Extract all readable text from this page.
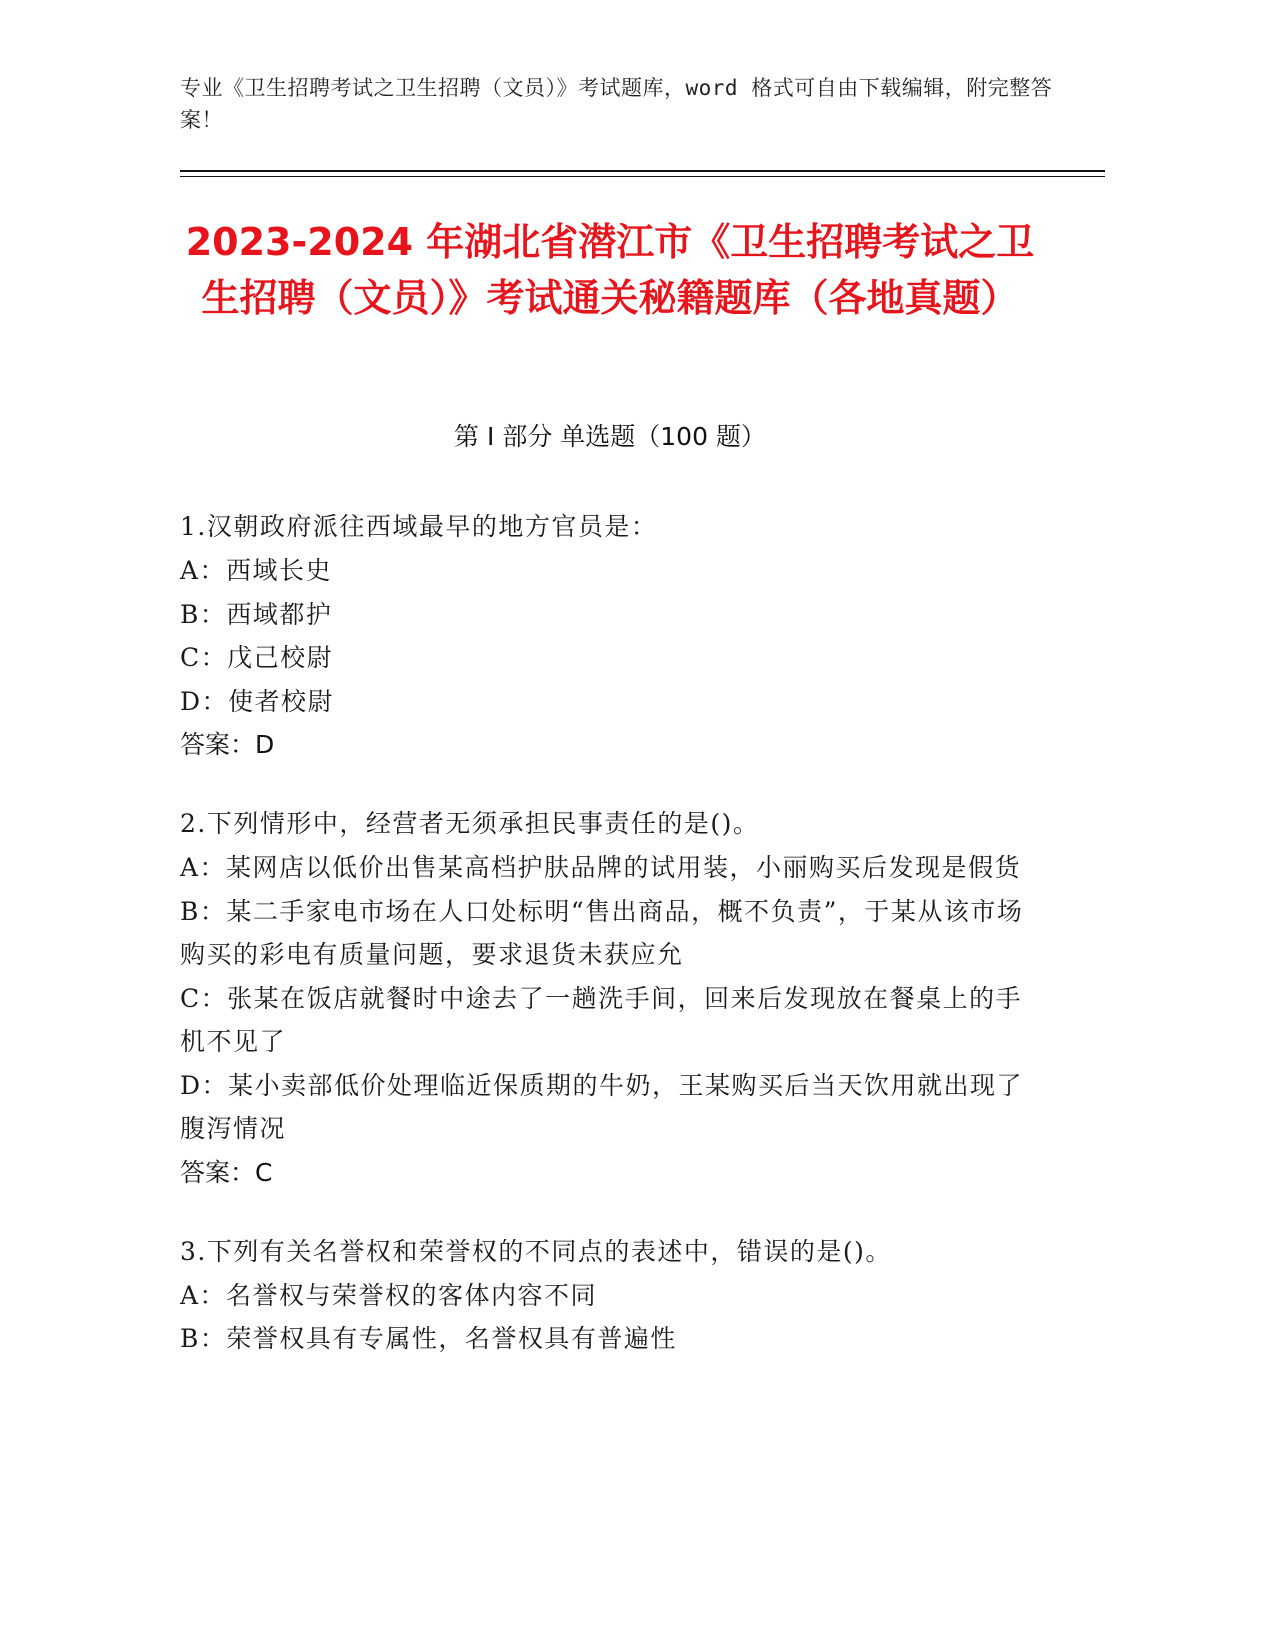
专业《卫生招聘考试之卫生招聘（文员）》考试题库，word 格式可自由下载编辑，附完整答案！
2023-2024 年湖北省潜江市《卫生招聘考试之卫生招聘（文员）》考试通关秘籍题库（各地真题）
第 I 部分 单选题（100 题）

1.汉朝政府派往西域最早的地方官员是：

A：西域长史

B：西域都护

C：戊己校尉

D：使者校尉

答案：D

2.下列情形中，经营者无须承担民事责任的是()。

A：某网店以低价出售某高档护肤品牌的试用装，小丽购买后发现是假货

B：某二手家电市场在人口处标明“售出商品，概不负责”，于某从该市场购买的彩电有质量问题，要求退货未获应允

C：张某在饭店就餐时中途去了一趟洗手间，回来后发现放在餐桌上的手机不见了

D：某小卖部低价处理临近保质期的牛奶，王某购买后当天饮用就出现了腹泻情况

答案：C

3.下列有关名誉权和荣誉权的不同点的表述中，错误的是()。

A：名誉权与荣誉权的客体内容不同

B：荣誉权具有专属性，名誉权具有普遍性
